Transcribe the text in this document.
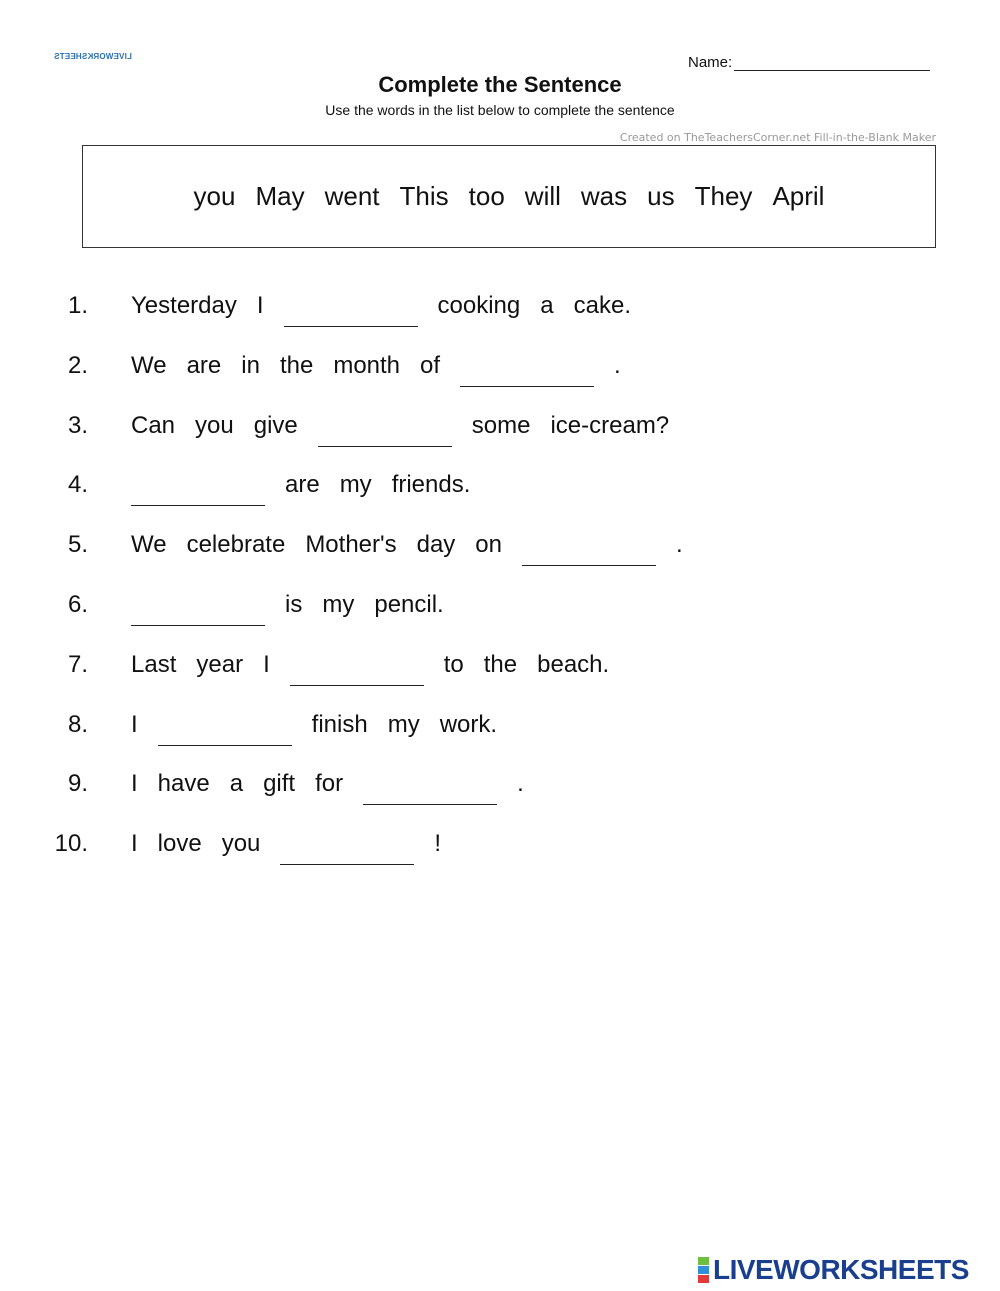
LIVEWORKSHEETS	Name:
Complete the Sentence
Use the words in the list below to complete the sentence
Created on TheTeachersCorner.net Fill-in-the-Blank Maker
you May went This too will was us They April
1. Yesterday I	cooking a cake.
2. We are in the month of	.
3. Can you give	some ice-cream?
4.	are my friends.
5. We celebrate Mother's day on	.
6.	is my pencil.
7. Last year I	to the beach.
8. I	finish my work.
9. I have a gift for	.
10. I love you	!
LIVEWORKSHEETS
